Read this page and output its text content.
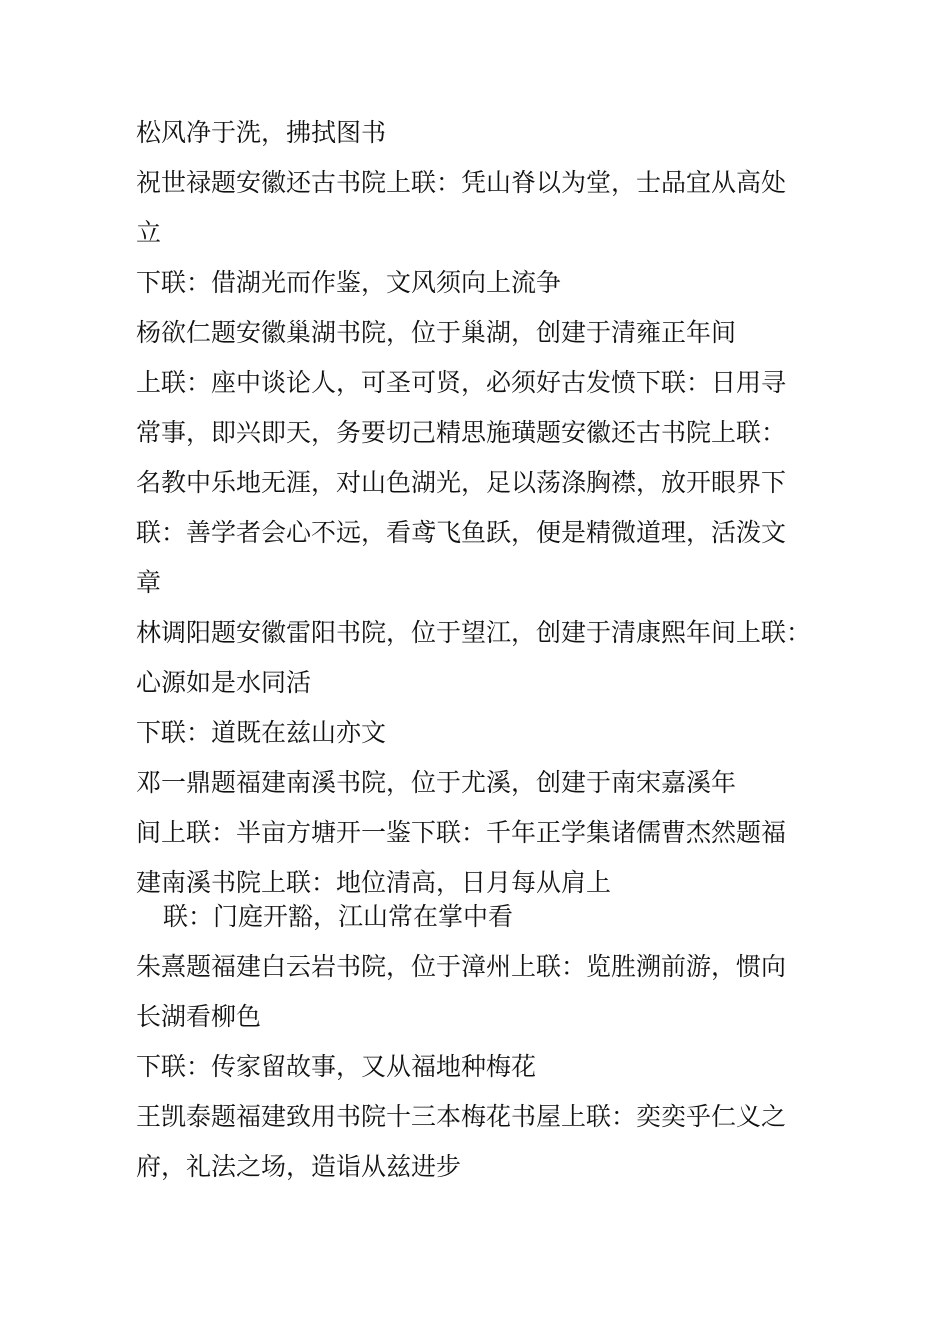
松风净于洗，拂拭图书
祝世禄题安徽还古书院上联：凭山脊以为堂，士品宜从高处
立
下联：借湖光而作鉴，文风须向上流争
杨欲仁题安徽巢湖书院，位于巢湖，创建于清雍正年间
上联：座中谈论人，可圣可贤，必须好古发愤下联：日用寻
常事，即兴即天，务要切己精思施璜题安徽还古书院上联：
名教中乐地无涯，对山色湖光，足以荡涤胸襟，放开眼界下
联：善学者会心不远，看鸢飞鱼跃，便是精微道理，活泼文
章
林调阳题安徽雷阳书院，位于望江，创建于清康熙年间上联：
心源如是水同活
下联：道既在兹山亦文
邓一鼎题福建南溪书院，位于尤溪，创建于南宋嘉溪年
间上联：半亩方塘开一鉴下联：千年正学集诸儒曹杰然题福
建南溪书院上联：地位清高，日月每从肩上
联：门庭开豁，江山常在掌中看
朱熹题福建白云岩书院，位于漳州上联：览胜溯前游，惯向
长湖看柳色
下联：传家留故事，又从福地种梅花
王凯泰题福建致用书院十三本梅花书屋上联：奕奕乎仁义之
府，礼法之场，造诣从兹进步
